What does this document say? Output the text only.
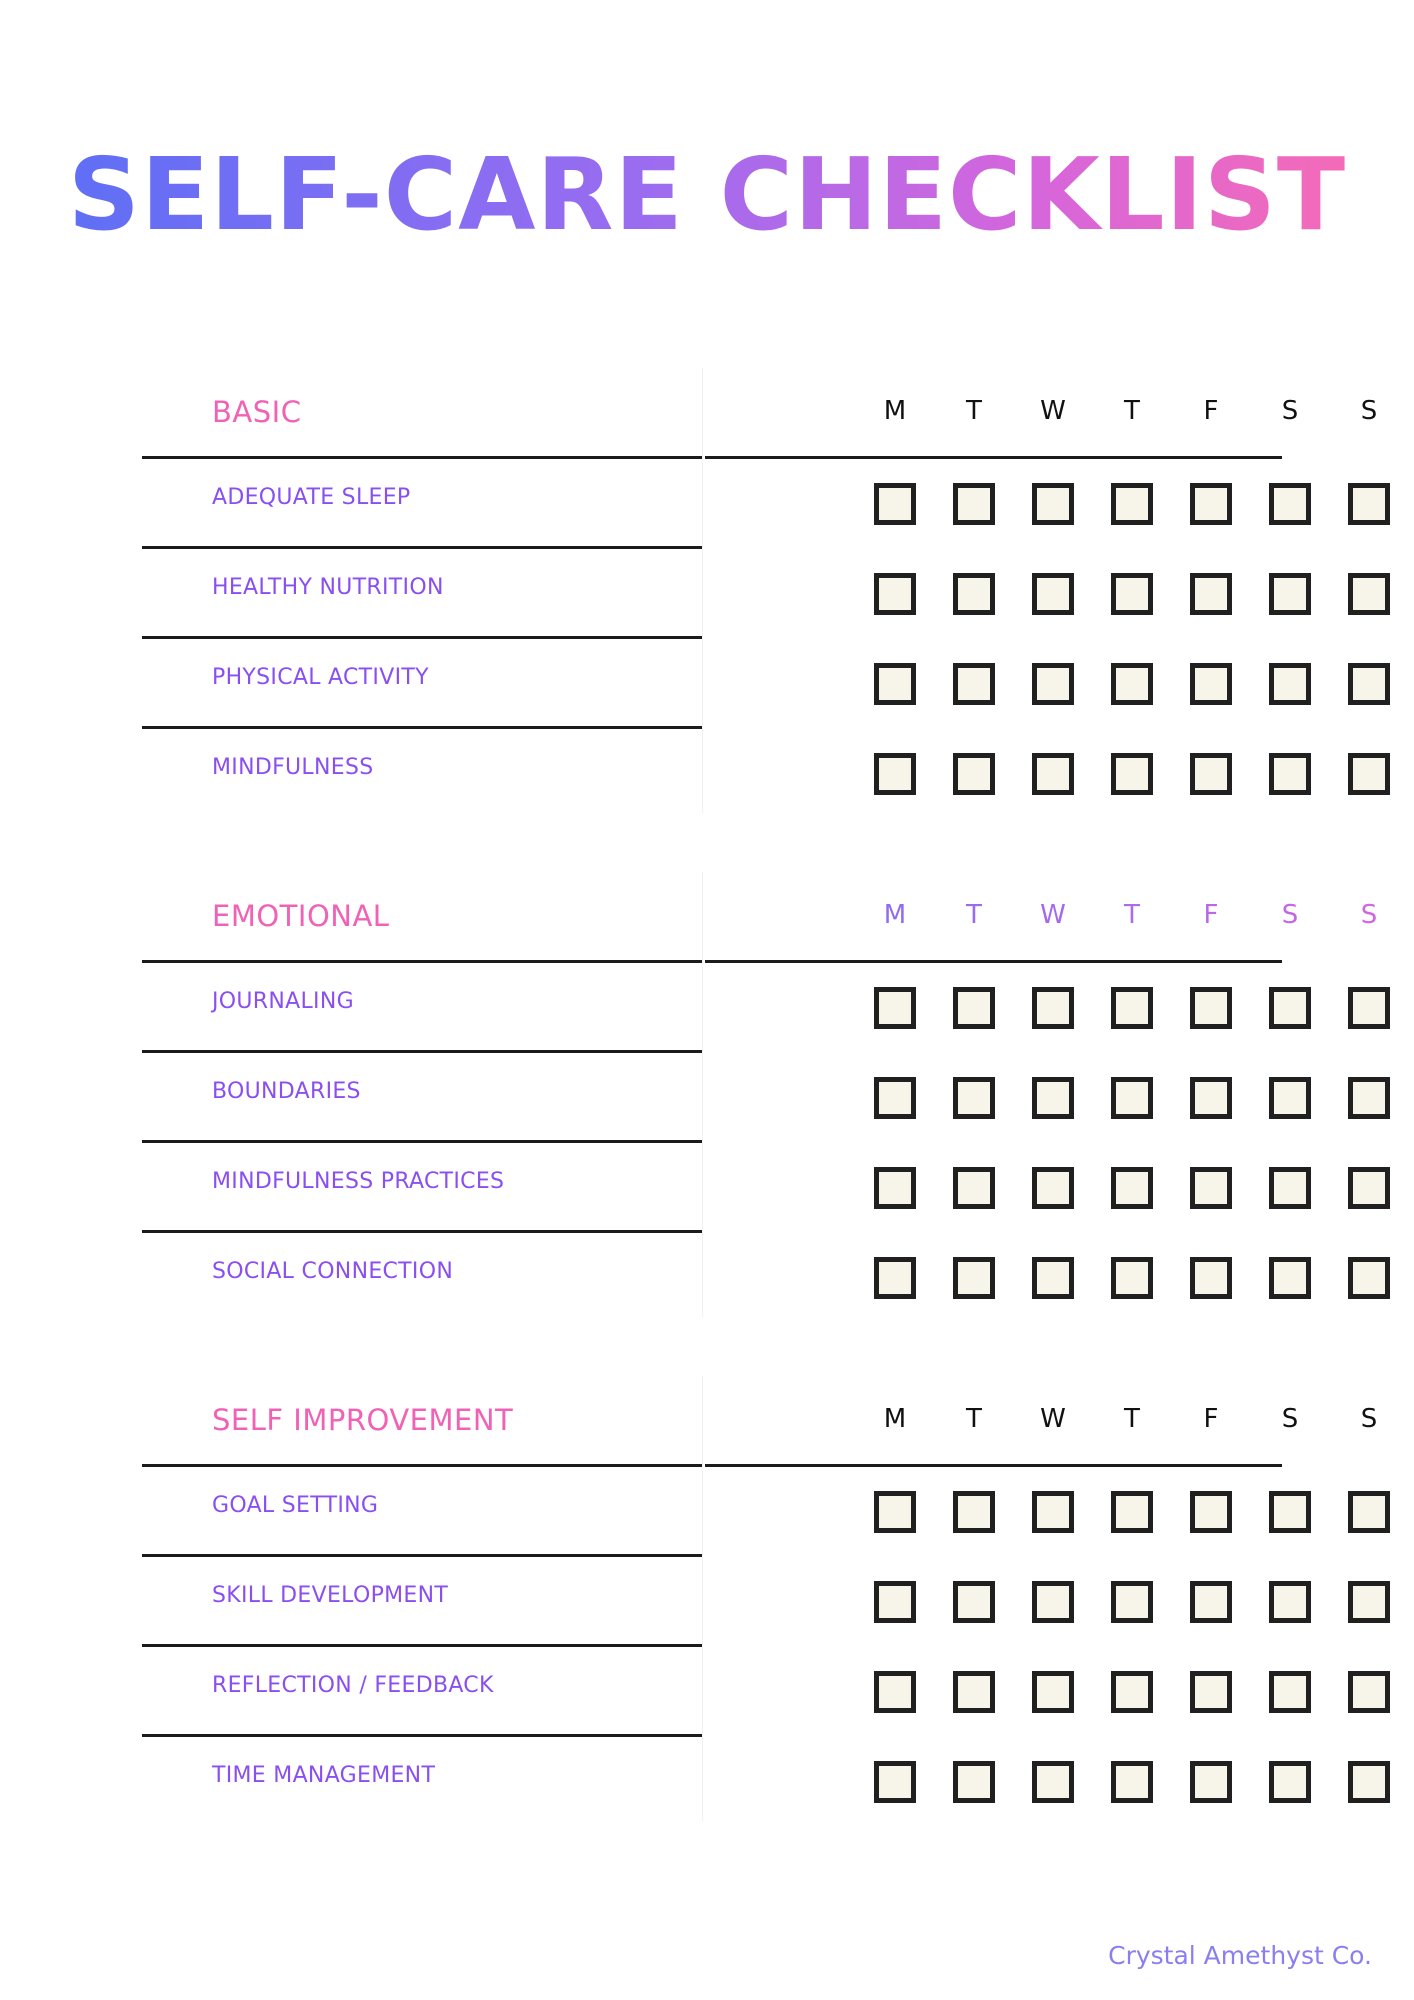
SELF-CARE CHECKLIST
BASIC	M	T	W	T	F	S	S
ADEQUATE SLEEP
HEALTHY NUTRITION
PHYSICAL ACTIVITY
MINDFULNESS
EMOTIONAL	M	T	W	T	F	S	S
JOURNALING
BOUNDARIES
MINDFULNESS PRACTICES
SOCIAL CONNECTION
SELF IMPROVEMENT	M	T	W	T	F	S	S
GOAL SETTING
SKILL DEVELOPMENT
REFLECTION / FEEDBACK
TIME MANAGEMENT
Crystal Amethyst Co.
